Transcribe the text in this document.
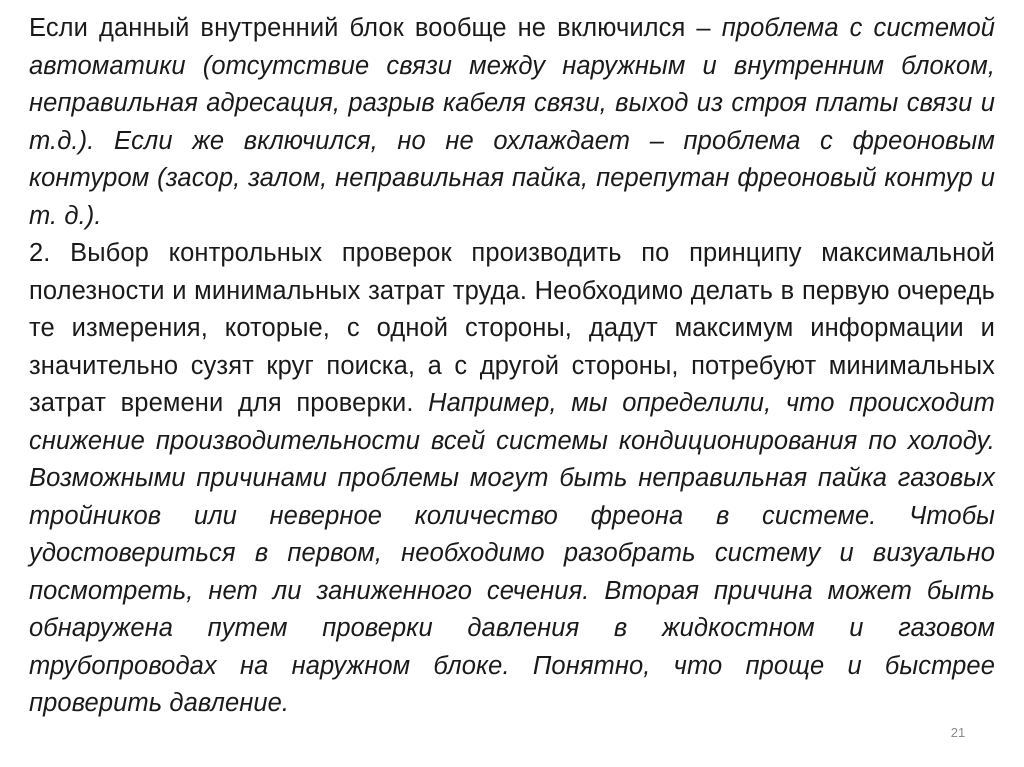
Если данный внутренний блок вообще не включился – проблема с системой автоматики (отсутствие связи между наружным и внутренним блоком, неправильная адресация, разрыв кабеля связи, выход из строя платы связи и т.д.). Если же включился, но не охлаждает – проблема с фреоновым контуром (засор, залом, неправильная пайка, перепутан фреоновый контур и т. д.).

2. Выбор контрольных проверок производить по принципу максимальной полезности и минимальных затрат труда. Необходимо делать в первую очередь те измерения, которые, с одной стороны, дадут максимум информации и значительно сузят круг поиска, а с другой стороны, потребуют минимальных затрат времени для проверки. Например, мы определили, что происходит снижение производительности всей системы кондиционирования по холоду. Возможными причинами проблемы могут быть неправильная пайка газовых тройников или неверное количество фреона в системе. Чтобы удостовериться в первом, необходимо разобрать систему и визуально посмотреть, нет ли заниженного сечения. Вторая причина может быть обнаружена путем проверки давления в жидкостном и газовом трубопроводах на наружном блоке. Понятно, что проще и быстрее проверить давление.

21
